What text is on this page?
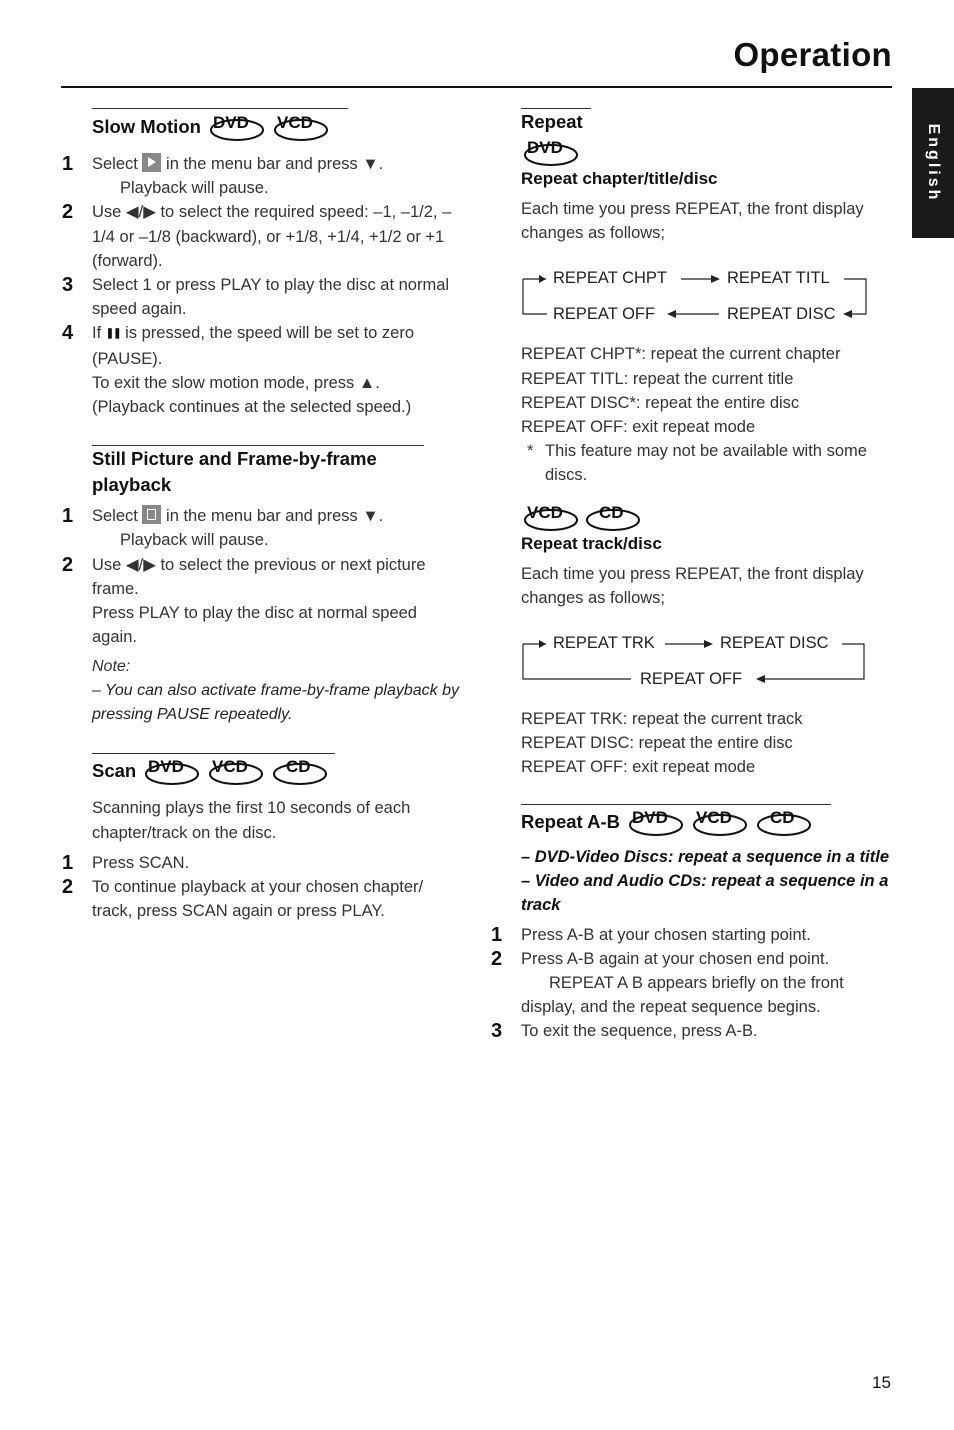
Operation
English
Slow Motion DVD VCD
1 Select in the menu bar and press ▼.
Playback will pause.
2 Use ◀/▶ to select the required speed: –1, –1/2, –1/4 or –1/8 (backward), or +1/8, +1/4, +1/2 or +1 (forward).
3 Select 1 or press PLAY to play the disc at normal speed again.
4 If ❚❚ is pressed, the speed will be set to zero (PAUSE).
To exit the slow motion mode, press ▲.
(Playback continues at the selected speed.)
Still Picture and Frame-by-frame playback
1 Select in the menu bar and press ▼.
Playback will pause.
2 Use ◀/▶ to select the previous or next picture frame.
Press PLAY to play the disc at normal speed again.
Note:
– You can also activate frame-by-frame playback by pressing PAUSE repeatedly.
Scan DVD VCD CD

Scanning plays the first 10 seconds of each chapter/track on the disc.

1 Press SCAN.
2 To continue playback at your chosen chapter/ track, press SCAN again or press PLAY.
Repeat
DVD
Repeat chapter/title/disc

Each time you press REPEAT, the front display changes as follows;

REPEAT CHPT	REPEAT TITL
REPEAT DISC
REPEAT OFF
REPEAT CHPT*: repeat the current chapter
REPEAT TITL: repeat the current title
REPEAT DISC*: repeat the entire disc
REPEAT OFF: exit repeat mode
* This feature may not be available with some discs.
VCD
CD
Repeat track/disc

Each time you press REPEAT, the front display changes as follows;

REPEAT TRK	REPEAT DISC
REPEAT OFF
REPEAT TRK: repeat the current track
REPEAT DISC: repeat the entire disc
REPEAT OFF: exit repeat mode
Repeat A-B DVD VCD CD
– DVD-Video Discs: repeat a sequence in a title
– Video and Audio CDs: repeat a sequence in a track
1 Press A-B at your chosen starting point.
2 Press A-B again at your chosen end point.
REPEAT A B appears briefly on the front display, and the repeat sequence begins.
3 To exit the sequence, press A-B.
15
